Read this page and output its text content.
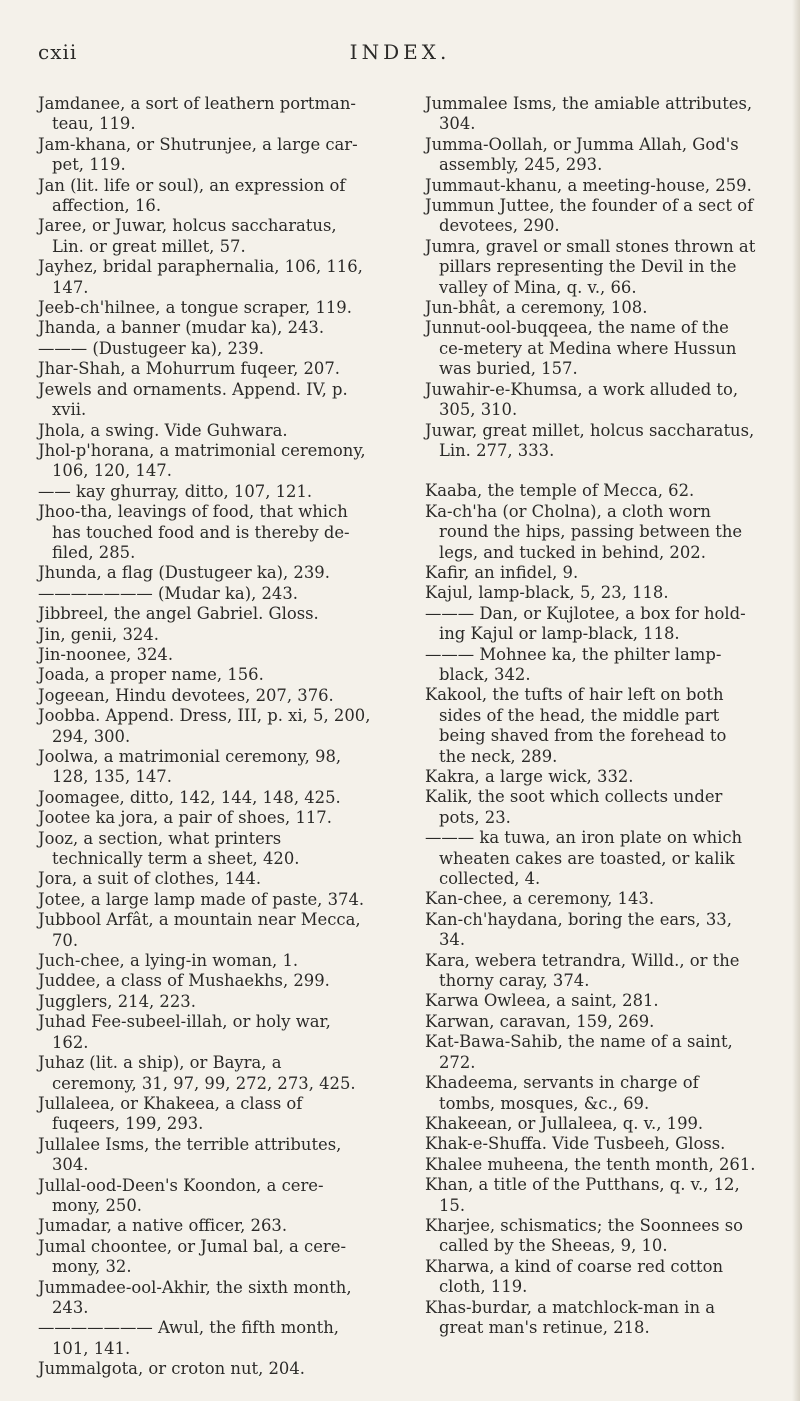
cxii	INDEX.

Jamdanee, a sort of leathern portman-teau, 119.

Jam-khana, or Shutrunjee, a large car-pet, 119.

Jan (lit. life or soul), an expression of affection, 16.

Jaree, or Juwar, holcus saccharatus, Lin. or great millet, 57.

Jayhez, bridal paraphernalia, 106, 116, 147.

Jeeb-ch'hilnee, a tongue scraper, 119.

Jhanda, a banner (mudar ka), 243.

——— (Dustugeer ka), 239.

Jhar-Shah, a Mohurrum fuqeer, 207.

Jewels and ornaments. Append. IV, p. xvii.

Jhola, a swing. Vide Guhwara.

Jhol-p'horana, a matrimonial ceremony, 106, 120, 147.

—— kay ghurray, ditto, 107, 121.

Jhoo-tha, leavings of food, that which has touched food and is thereby de-filed, 285.

Jhunda, a flag (Dustugeer ka), 239.

——————— (Mudar ka), 243.

Jibbreel, the angel Gabriel. Gloss.

Jin, genii, 324.

Jin-noonee, 324.

Joada, a proper name, 156.

Jogeean, Hindu devotees, 207, 376.

Joobba. Append. Dress, III, p. xi, 5, 200, 294, 300.

Joolwa, a matrimonial ceremony, 98, 128, 135, 147.

Joomagee, ditto, 142, 144, 148, 425.

Jootee ka jora, a pair of shoes, 117.

Jooz, a section, what printers technically term a sheet, 420.

Jora, a suit of clothes, 144.

Jotee, a large lamp made of paste, 374.

Jubbool Arfât, a mountain near Mecca, 70.

Juch-chee, a lying-in woman, 1.

Juddee, a class of Mushaekhs, 299.

Jugglers, 214, 223.

Juhad Fee-subeel-illah, or holy war, 162.

Juhaz (lit. a ship), or Bayra, a ceremony, 31, 97, 99, 272, 273, 425.

Jullaleea, or Khakeea, a class of fuqeers, 199, 293.

Jullalee Isms, the terrible attributes, 304.

Jullal-ood-Deen's Koondon, a cere-mony, 250.

Jumadar, a native officer, 263.

Jumal choontee, or Jumal bal, a cere-mony, 32.

Jummadee-ool-Akhir, the sixth month, 243.

——————— Awul, the fifth month, 101, 141.

Jummalgota, or croton nut, 204.

Jummalee Isms, the amiable attributes, 304.

Jumma-Oollah, or Jumma Allah, God's assembly, 245, 293.

Jummaut-khanu, a meeting-house, 259.

Jummun Juttee, the founder of a sect of devotees, 290.

Jumra, gravel or small stones thrown at pillars representing the Devil in the valley of Mina, q. v., 66.

Jun-bhât, a ceremony, 108.

Junnut-ool-buqqeea, the name of the ce-metery at Medina where Hussun was buried, 157.

Juwahir-e-Khumsa, a work alluded to, 305, 310.

Juwar, great millet, holcus saccharatus, Lin. 277, 333.

Kaaba, the temple of Mecca, 62.

Ka-ch'ha (or Cholna), a cloth worn round the hips, passing between the legs, and tucked in behind, 202.

Kafir, an infidel, 9.

Kajul, lamp-black, 5, 23, 118.

——— Dan, or Kujlotee, a box for hold-ing Kajul or lamp-black, 118.

——— Mohnee ka, the philter lamp-black, 342.

Kakool, the tufts of hair left on both sides of the head, the middle part being shaved from the forehead to the neck, 289.

Kakra, a large wick, 332.

Kalik, the soot which collects under pots, 23.

——— ka tuwa, an iron plate on which wheaten cakes are toasted, or kalik collected, 4.

Kan-chee, a ceremony, 143.

Kan-ch'haydana, boring the ears, 33, 34.

Kara, webera tetrandra, Willd., or the thorny caray, 374.

Karwa Owleea, a saint, 281.

Karwan, caravan, 159, 269.

Kat-Bawa-Sahib, the name of a saint, 272.

Khadeema, servants in charge of tombs, mosques, &c., 69.

Khakeean, or Jullaleea, q. v., 199.

Khak-e-Shuffa. Vide Tusbeeh, Gloss.

Khalee muheena, the tenth month, 261.

Khan, a title of the Putthans, q. v., 12, 15.

Kharjee, schismatics; the Soonnees so called by the Sheeas, 9, 10.

Kharwa, a kind of coarse red cotton cloth, 119.

Khas-burdar, a matchlock-man in a great man's retinue, 218.
